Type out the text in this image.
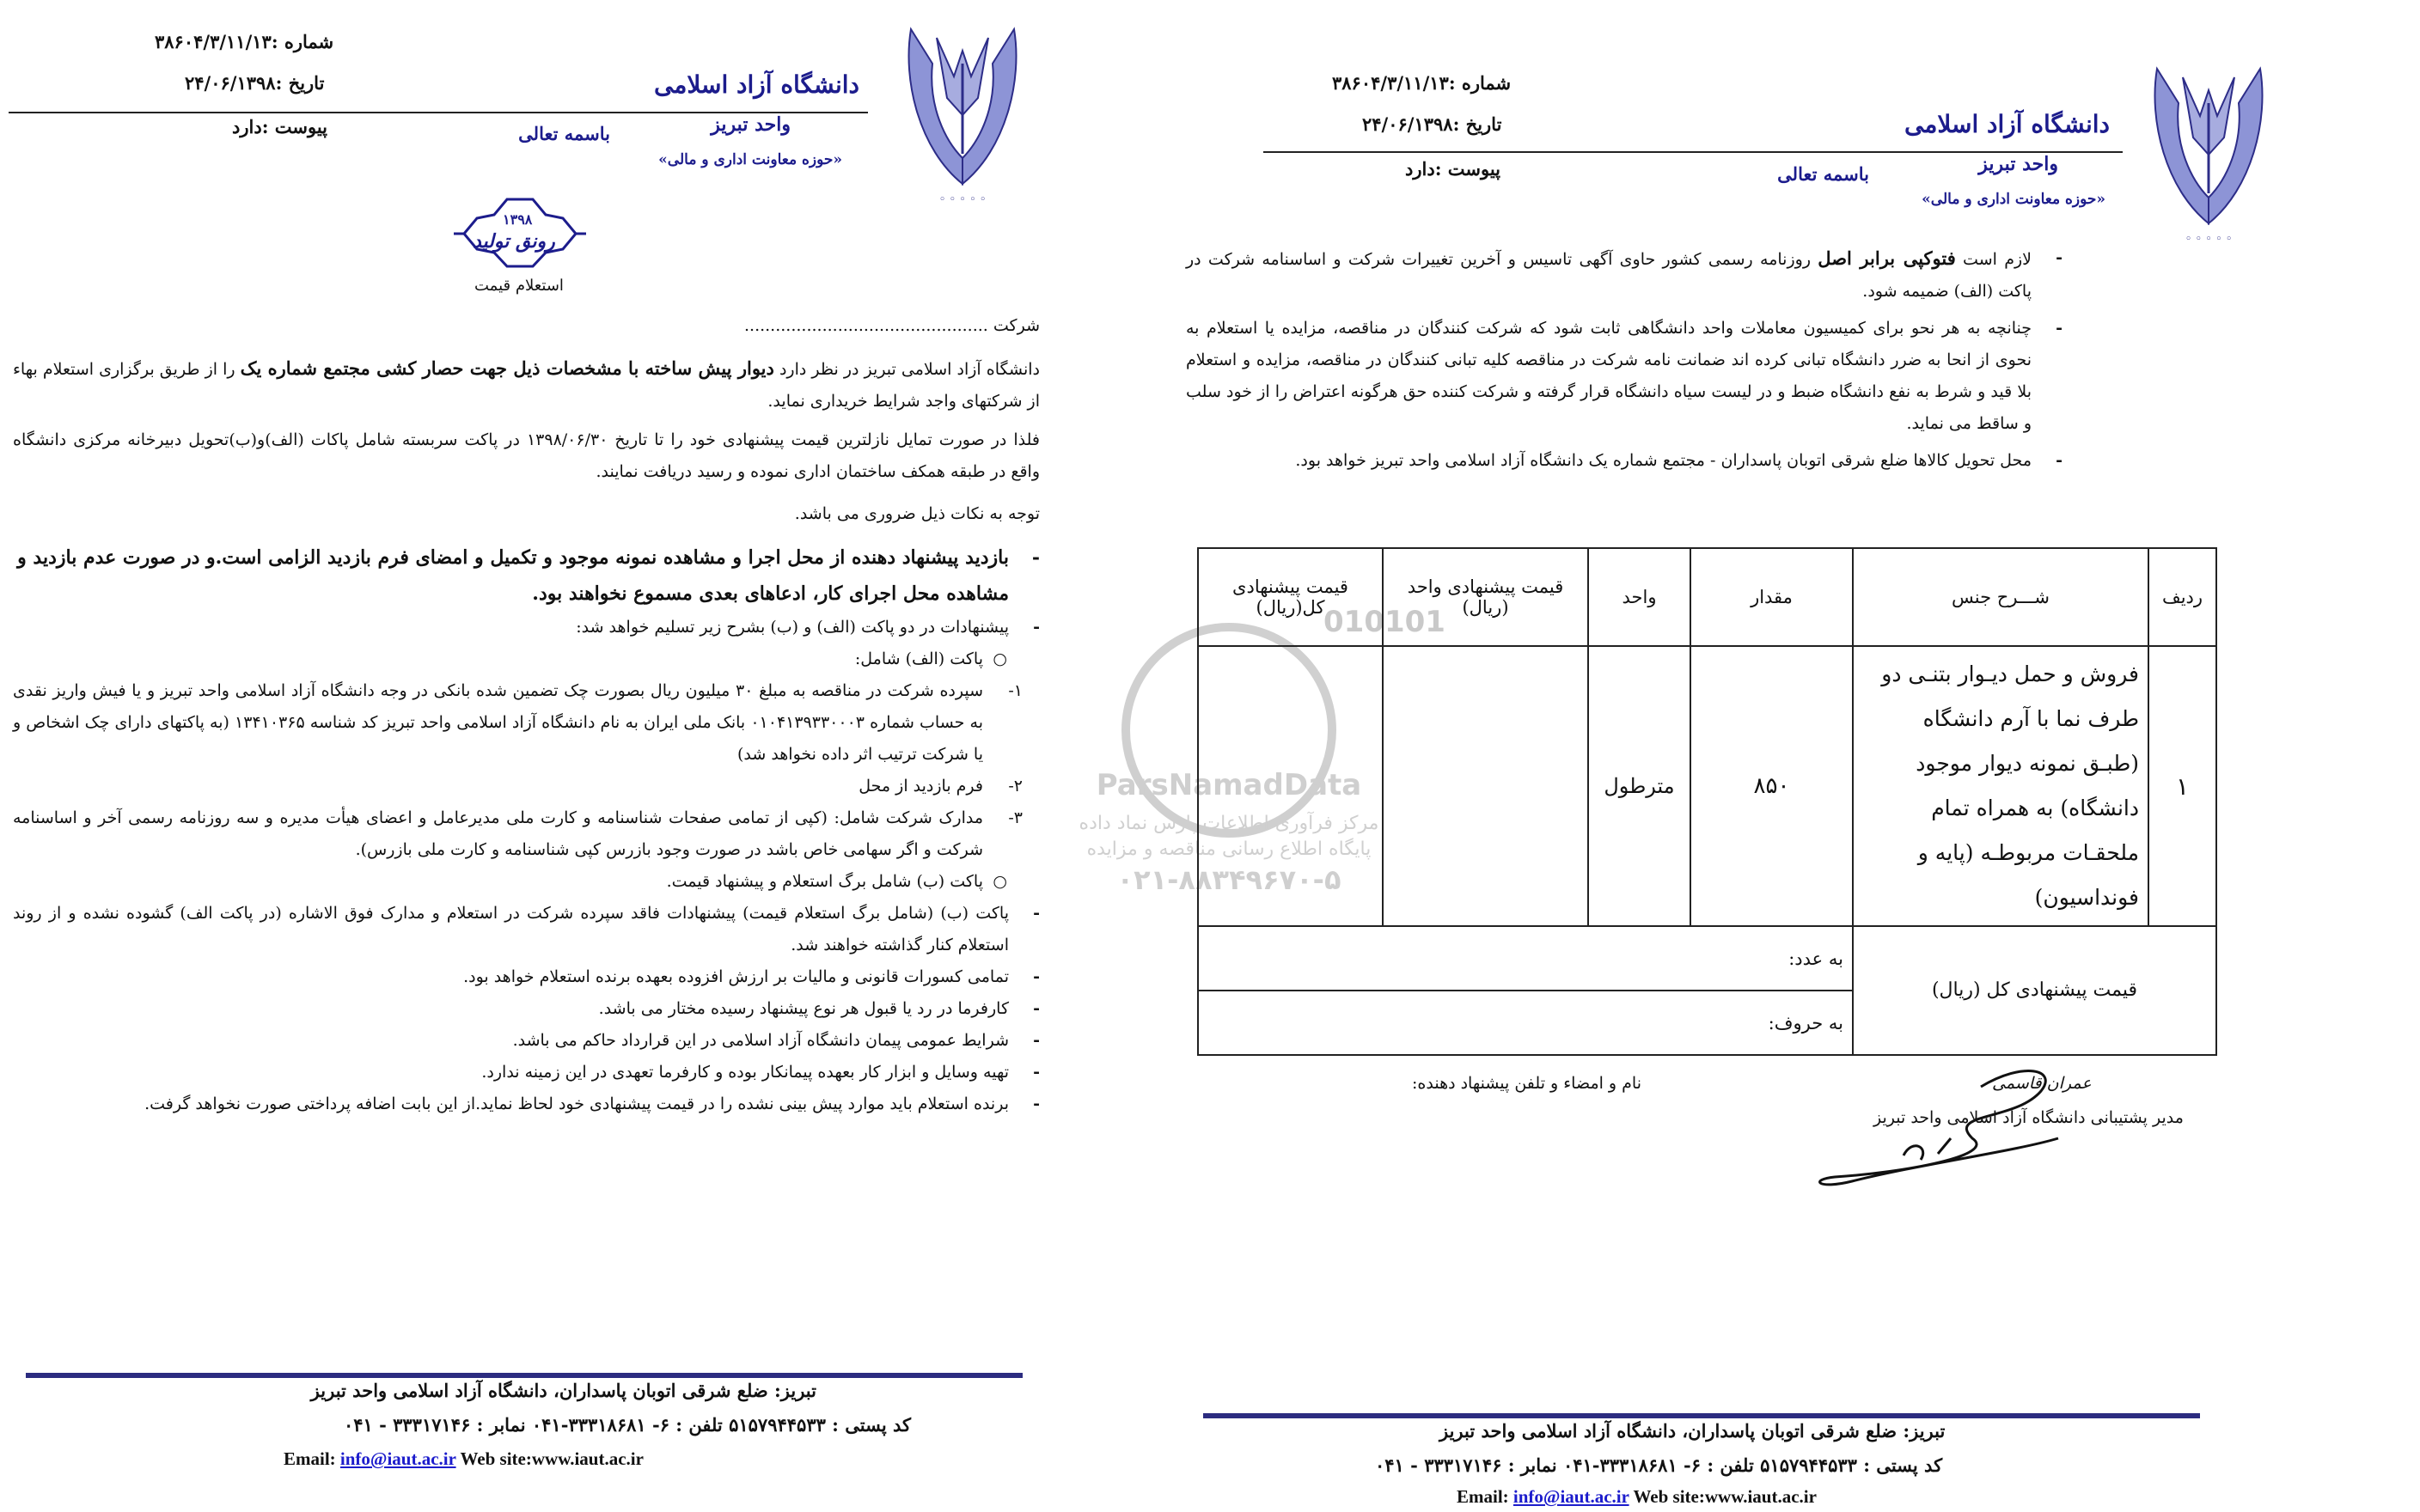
◦ ◦ ◦ ◦ ◦
دانشگاه آزاد اسلامی
واحد تبریز
«حوزه معاونت اداری و مالی»
باسمه تعالی
شماره :۳۸۶۰۴/۳/۱۱/۱۳
تاریخ :۲۴/۰۶/۱۳۹۸
پیوست :دارد
۱۳۹۸
رونق تولید
استعلام قیمت
شرکت ...............................................
دانشگاه آزاد اسلامی تبریز در نظر دارد دیوار پیش ساخته با مشخصات ذیل جهت حصار کشی مجتمع شماره یک را از طریق برگزاری استعلام بهاء از شرکتهای واجد شرایط خریداری نماید.
فلذا در صورت تمایل نازلترین قیمت پیشنهادی خود را تا تاریخ ۱۳۹۸/۰۶/۳۰ در پاکت سربسته شامل پاکات (الف)و(ب)تحویل دبیرخانه مرکزی دانشگاه واقع در طبقه همکف ساختمان اداری نموده و رسید دریافت نمایند.
توجه به نکات ذیل ضروری می باشد.
-
بازدید پیشنهاد دهنده از محل اجرا و مشاهده نمونه موجود و تکمیل و امضای فرم بازدید الزامی است.و در صورت عدم بازدید و مشاهده محل اجرای کار، ادعاهای بعدی مسموع نخواهند بود.
-
پیشنهادات در دو پاکت (الف) و (ب) بشرح زیر تسلیم خواهد شد:
○
پاکت (الف) شامل:
۱-
سپرده شرکت در مناقصه به مبلغ ۳۰ میلیون ریال بصورت چک تضمین شده بانکی در وجه دانشگاه آزاد اسلامی واحد تبریز و یا فیش واریز نقدی به حساب شماره ۰۱۰۴۱۳۹۳۳۰۰۰۳ بانک ملی ایران به نام دانشگاه آزاد اسلامی واحد تبریز کد شناسه ۱۳۴۱۰۳۶۵ (به پاکتهای دارای چک اشخاص و یا شرکت ترتیب اثر داده نخواهد شد)
۲-
فرم بازدید از محل
۳-
مدارک شرکت شامل: (کپی از تمامی صفحات شناسنامه و کارت ملی مدیرعامل و اعضای هیأت مدیره و سه روزنامه رسمی آخر و اساسنامه شرکت و اگر سهامی خاص باشد در صورت وجود بازرس کپی شناسنامه و کارت ملی بازرس).
○
پاکت (ب) شامل برگ استعلام و پیشنهاد قیمت.
-
پاکت (ب) (شامل برگ استعلام قیمت) پیشنهادات فاقد سپرده شرکت در استعلام و مدارک فوق الاشاره (در پاکت الف) گشوده نشده و از روند استعلام کنار گذاشته خواهند شد.
-
تمامی کسورات قانونی و مالیات بر ارزش افزوده بعهده برنده استعلام خواهد بود.
-
کارفرما در رد یا قبول هر نوع پیشنهاد رسیده مختار می باشد.
-
شرایط عمومی پیمان دانشگاه آزاد اسلامی در این قرارداد حاکم می باشد.
-
تهیه وسایل و ابزار کار بعهده پیمانکار بوده و کارفرما تعهدی در این زمینه ندارد.
-
برنده استعلام باید موارد پیش بینی نشده را در قیمت پیشنهادی خود لحاظ نماید.از این بابت اضافه پرداختی صورت نخواهد گرفت.
تبریز: ضلع شرقی اتوبان پاسداران، دانشگاه آزاد اسلامی واحد تبریز
کد پستی : ۵۱۵۷۹۴۴۵۳۳ تلفن : ۶- ۳۳۳۱۸۶۸۱-۰۴۱ نمابر : ۳۳۳۱۷۱۴۶ - ۰۴۱
Email: info@iaut.ac.ir Web site:www.iaut.ac.ir
◦ ◦ ◦ ◦ ◦
دانشگاه آزاد اسلامی
واحد تبریز
«حوزه معاونت اداری و مالی»
باسمه تعالی
شماره :۳۸۶۰۴/۳/۱۱/۱۳
تاریخ :۲۴/۰۶/۱۳۹۸
پیوست :دارد
-
لازم است فتوکپی برابر اصل روزنامه رسمی کشور حاوی آگهی تاسیس و آخرین تغییرات شرکت و اساسنامه شرکت در پاکت (الف) ضمیمه شود.
-
چنانچه به هر نحو برای کمیسیون معاملات واحد دانشگاهی ثابت شود که شرکت کنندگان در مناقصه، مزایده یا استعلام به نحوی از انحا به ضرر دانشگاه تبانی کرده اند ضمانت نامه شرکت در مناقصه کلیه تبانی کنندگان در مناقصه، مزایده و استعلام بلا قید و شرط به نفع دانشگاه ضبط و در لیست سیاه دانشگاه قرار گرفته و شرکت کننده حق هرگونه اعتراض را از خود سلب و ساقط می نماید.
-
محل تحویل کالاها ضلع شرقی اتوبان پاسداران - مجتمع شماره یک دانشگاه آزاد اسلامی واحد تبریز خواهد بود.
010101
ParsNamadData
مرکز فرآوری اطلاعات پارس نماد داده
پایگاه اطلاع رسانی مناقصه و مزایده
۰۲۱-۸۸۳۴۹۶۷۰-۵
ردیف	شـــرح جنس	مقدار	واحد	قیمت پیشنهادی واحد (ریال)	قیمت پیشنهادی کل(ریال)
۱	فروش و حمل دیـوار بتنـی دو طرف نما با آرم دانشگاه (طبـق نمونه دیوار موجود دانشگاه) به همراه تمام ملحقـات مربوطـه (پایه و فونداسیون)	۸۵۰	مترطول		
قیمت پیشنهادی کل (ریال)		به عدد:			
		به حروف:			
نام و امضاء و تلفن پیشنهاد دهنده:	عمران قاسمی
مدیر پشتیبانی دانشگاه آزاد اسلامی واحد تبریز
تبریز: ضلع شرقی اتوبان پاسداران، دانشگاه آزاد اسلامی واحد تبریز
کد پستی : ۵۱۵۷۹۴۴۵۳۳ تلفن : ۶- ۳۳۳۱۸۶۸۱-۰۴۱ نمابر : ۳۳۳۱۷۱۴۶ - ۰۴۱
Email: info@iaut.ac.ir Web site:www.iaut.ac.ir
